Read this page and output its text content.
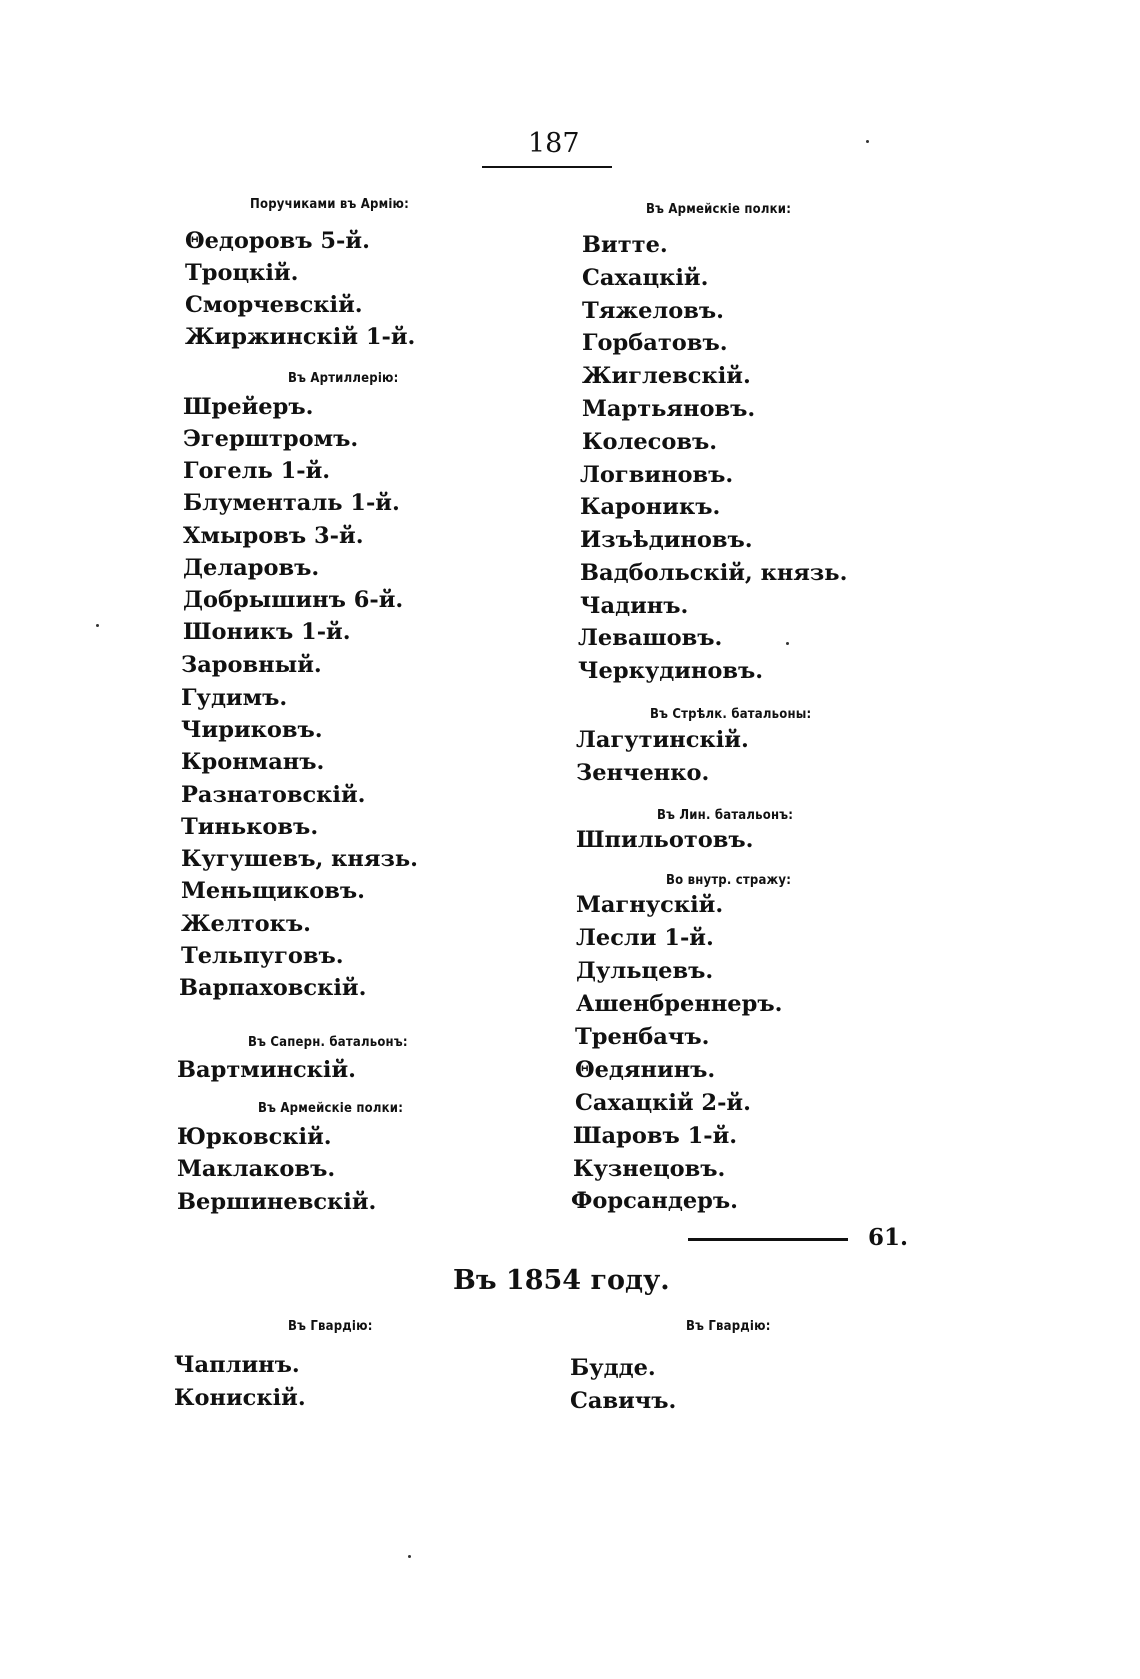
187
Поручиками въ Армію:
Θедоровъ 5-й.
Троцкій.
Сморчевскій.
Жиржинскій 1-й.
Въ Артиллерію:
Шрейеръ.
Эгерштромъ.
Гогель 1-й.
Блументаль 1-й.
Хмыровъ 3-й.
Деларовъ.
Добрышинъ 6-й.
Шоникъ 1-й.
Заровный.
Гудимъ.
Чириковъ.
Кронманъ.
Разнатовскій.
Тиньковъ.
Кугушевъ, князь.
Меньщиковъ.
Желтокъ.
Тельпуговъ.
Варпаховскій.
Въ Саперн. батальонъ:
Вартминскій.
Въ Армейскіе полки:
Юрковскій.
Маклаковъ.
Вершиневскій.
Въ Армейскіе полки:
Витте.
Сахацкій.
Тяжеловъ.
Горбатовъ.
Жиглевскій.
Мартьяновъ.
Колесовъ.
Логвиновъ.
Кароникъ.
Изъѣдиновъ.
Вадбольскій, князь.
Чадинъ.
Левашовъ.
Черкудиновъ.
Въ Стрѣлк. батальоны:
Лагутинскій.
Зенченко.
Въ Лин. батальонъ:
Шпильотовъ.
Во внутр. стражу:
Магнускій.
Лесли 1-й.
Дульцевъ.
Ашенбреннеръ.
Тренбачъ.
Θедянинъ.
Сахацкій 2-й.
Шаровъ 1-й.
Кузнецовъ.
Форсандеръ.
61.
Въ 1854 году.
Въ Гвардію:
Чаплинъ.
Конискій.
Въ Гвардію:
Будде.
Савичъ.
